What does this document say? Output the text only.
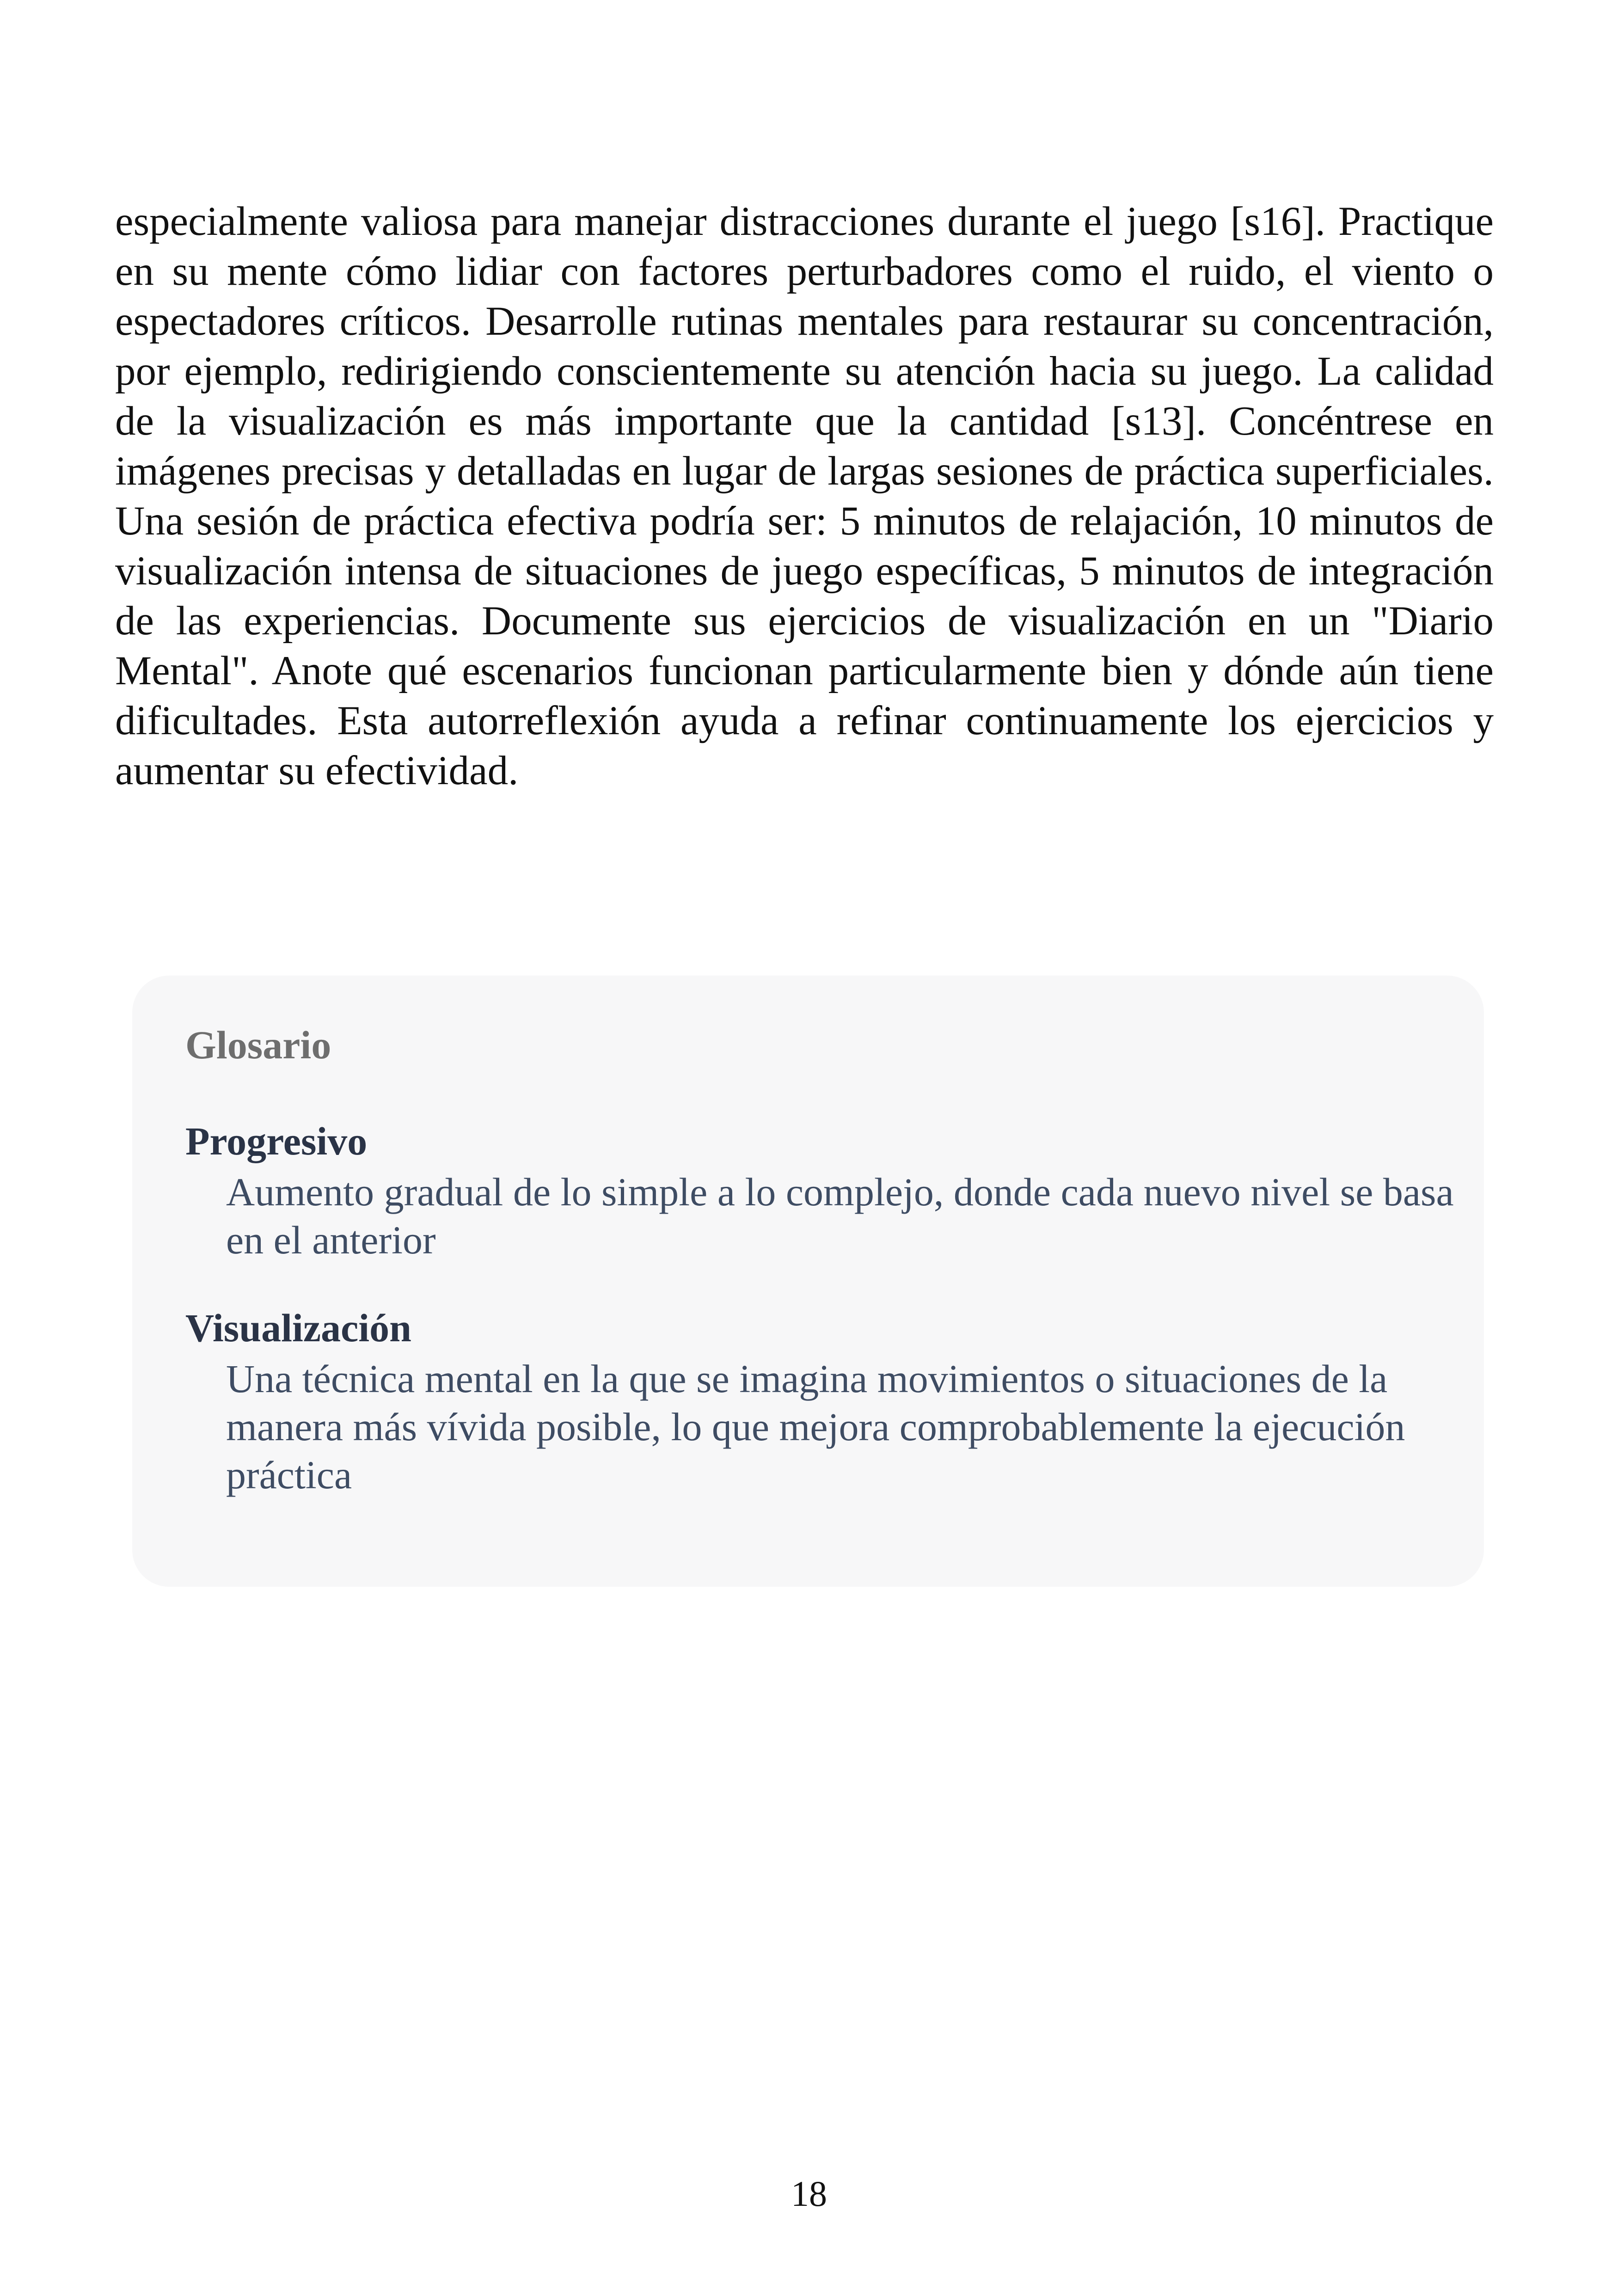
especialmente valiosa para manejar distracciones durante el juego [s16]. Practique en su mente cómo lidiar con factores perturbadores como el ruido, el viento o espectadores críticos. Desarrolle rutinas mentales para restaurar su concentración, por ejemplo, redirigiendo conscientemente su atención hacia su juego. La calidad de la visualización es más importante que la cantidad [s13]. Concéntrese en imágenes precisas y detalladas en lugar de largas sesiones de práctica superficiales. Una sesión de práctica efectiva podría ser: 5 minutos de relajación, 10 minutos de visualización intensa de situaciones de juego específicas, 5 minutos de integración de las experiencias. Documente sus ejercicios de visualización en un "Diario Mental". Anote qué escenarios funcionan particularmente bien y dónde aún tiene dificultades. Esta autorreflexión ayuda a refinar continuamente los ejercicios y aumentar su efectividad.

Glosario
Progresivo
Aumento gradual de lo simple a lo complejo, donde cada nuevo nivel se basa en el anterior
Visualización
Una técnica mental en la que se imagina movimientos o situaciones de la manera más vívida posible, lo que mejora comprobablemente la ejecución práctica

18
